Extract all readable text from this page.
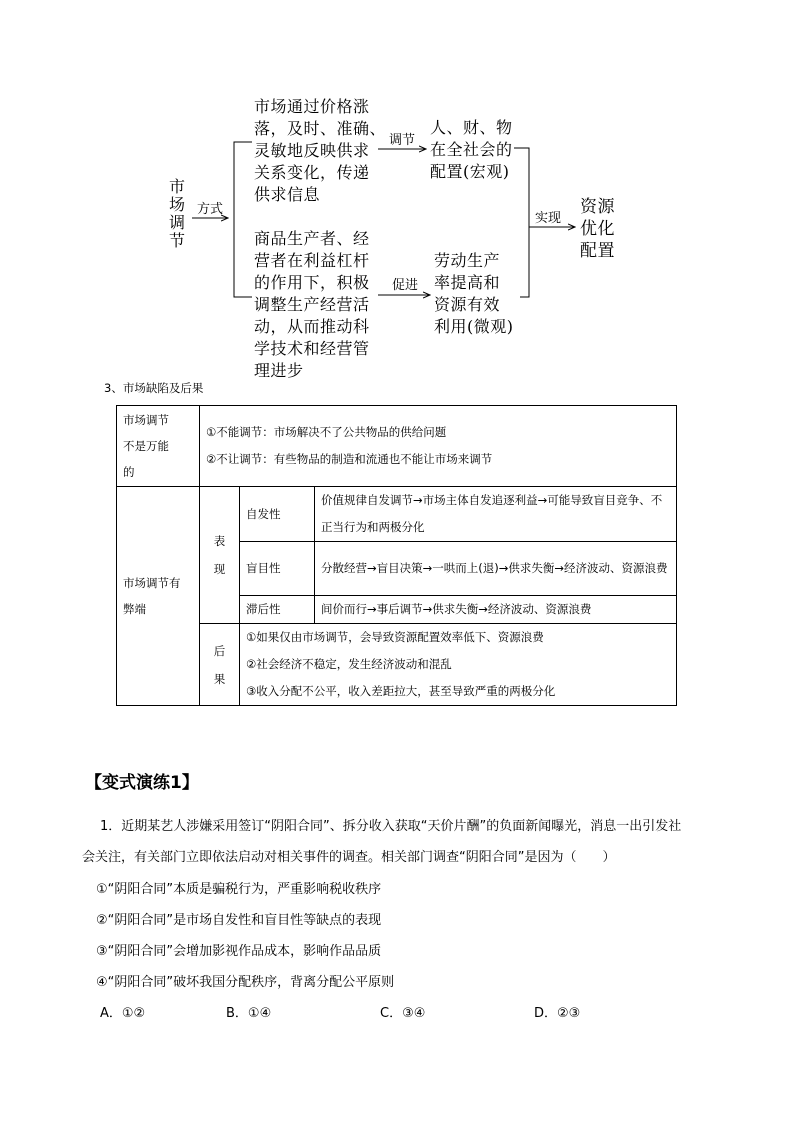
市场调节
市场通过价格涨
落，及时、准确、
灵敏地反映供求
关系变化，传递
供求信息
商品生产者、经
营者在利益杠杆
的作用下，积极
调整生产经营活
动，从而推动科
学技术和经营管
理进步
方式
调节
促进
实现
人、财、物
在全社会的
配置(宏观)
劳动生产
率提高和
资源有效
利用(微观)
资源
优化
配置
3、市场缺陷及后果
市场调节不是万能的	①不能调节：市场解决不了公共物品的供给问题
②不让调节：有些物品的制造和流通也不能让市场来调节		

市场调节有弊端	表现	自发性	价值规律自发调节→市场主体自发追逐利益→可能导致盲目竞争、不正当行为和两极分化
		盲目性	分散经营→盲目决策→一哄而上(退)→供求失衡→经济波动、资源浪费
		滞后性	间价而行→事后调节→供求失衡→经济波动、资源浪费

	后果	①如果仅由市场调节，会导致资源配置效率低下、资源浪费
②社会经济不稳定，发生经济波动和混乱
③收入分配不公平，收入差距拉大，甚至导致严重的两极分化	
【变式演练1】
1．近期某艺人涉嫌采用签订“阴阳合同”、拆分收入获取“天价片酬”的负面新闻曝光，消息一出引发社
会关注，有关部门立即依法启动对相关事件的调查。相关部门调查“阴阳合同”是因为（　　）
①“阴阳合同”本质是骗税行为，严重影响税收秩序
②“阴阳合同”是市场自发性和盲目性等缺点的表现
③“阴阳合同”会增加影视作品成本，影响作品品质
④“阴阳合同”破坏我国分配秩序，背离分配公平原则
A．①②	B．①④	C．③④	D．②③
